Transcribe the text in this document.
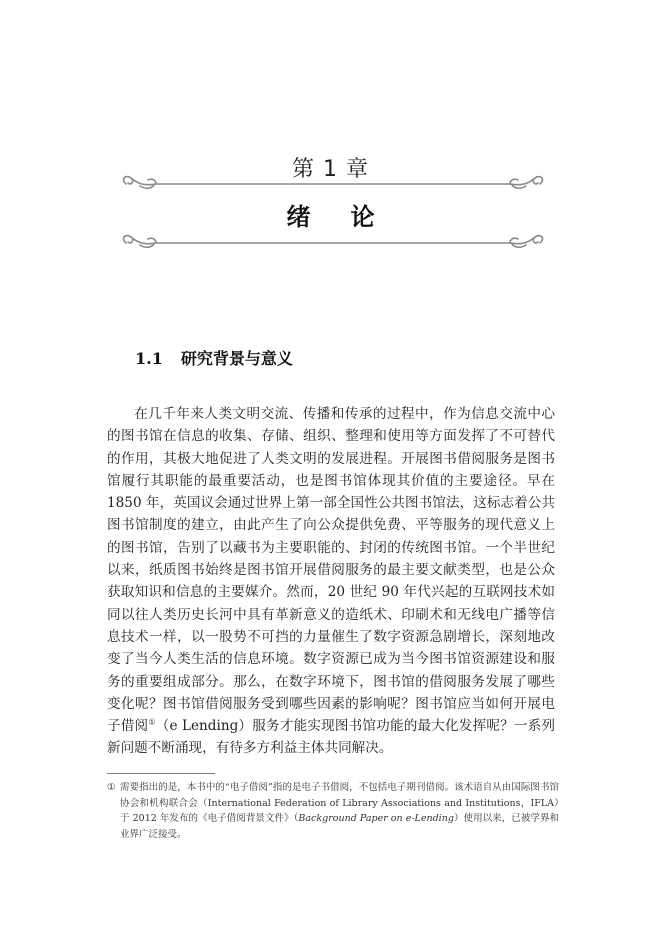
第 1 章
绪 论
1.1 研究背景与意义

在几千年来人类文明交流、传播和传承的过程中，作为信息交流中心的图书馆在信息的收集、存储、组织、整理和使用等方面发挥了不可替代的作用，其极大地促进了人类文明的发展进程。开展图书借阅服务是图书馆履行其职能的最重要活动，也是图书馆体现其价值的主要途径。早在 1850 年，英国议会通过世界上第一部全国性公共图书馆法，这标志着公共图书馆制度的建立，由此产生了向公众提供免费、平等服务的现代意义上的图书馆，告别了以藏书为主要职能的、封闭的传统图书馆。一个半世纪以来，纸质图书始终是图书馆开展借阅服务的最主要文献类型，也是公众获取知识和信息的主要媒介。然而，20 世纪 90 年代兴起的互联网技术如同以往人类历史长河中具有革新意义的造纸术、印刷术和无线电广播等信息技术一样，以一股势不可挡的力量催生了数字资源急剧增长，深刻地改变了当今人类生活的信息环境。数字资源已成为当今图书馆资源建设和服务的重要组成部分。那么，在数字环境下，图书馆的借阅服务发展了哪些变化呢？图书馆借阅服务受到哪些因素的影响呢？图书馆应当如何开展电子借阅①（e Lending）服务才能实现图书馆功能的最大化发挥呢？一系列新问题不断涌现，有待多方利益主体共同解决。

① 需要指出的是，本书中的“电子借阅”指的是电子书借阅，不包括电子期刊借阅。该术语自从由国际图书馆协会和机构联合会（International Federation of Library Associations and Institutions，IFLA）于 2012 年发布的《电子借阅背景文件》（Background Paper on e-Lending）使用以来，已被学界和业界广泛接受。
